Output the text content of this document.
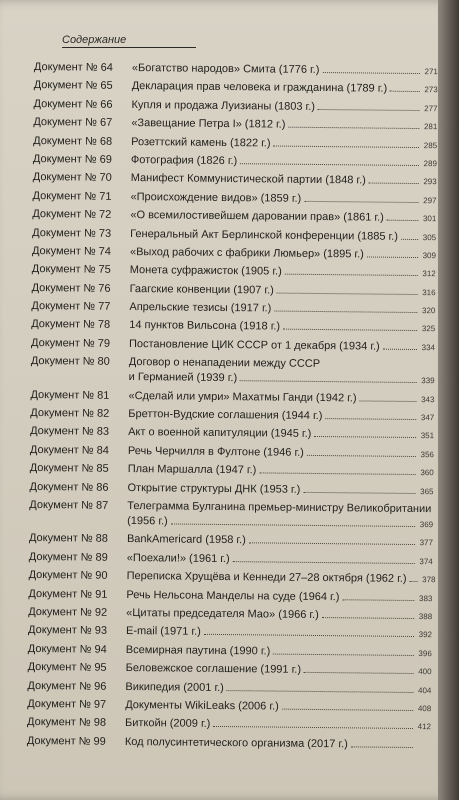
Содержание
Документ № 64	«Богатство народов» Смита (1776 г.)	271
Документ № 65	Декларация прав человека и гражданина (1789 г.)	273
Документ № 66	Купля и продажа Луизианы (1803 г.)	277
Документ № 67	«Завещание Петра I» (1812 г.)	281
Документ № 68	Розеттский камень (1822 г.)	285
Документ № 69	Фотография (1826 г.)	289
Документ № 70	Манифест Коммунистической партии (1848 г.)	293
Документ № 71	«Происхождение видов» (1859 г.)	297
Документ № 72	«О всемилостивейшем даровании прав» (1861 г.)	301
Документ № 73	Генеральный Акт Берлинской конференции (1885 г.)	305
Документ № 74	«Выход рабочих с фабрики Люмьер» (1895 г.)	309
Документ № 75	Монета суфражисток (1905 г.)	312
Документ № 76	Гаагские конвенции (1907 г.)	316
Документ № 77	Апрельские тезисы (1917 г.)	320
Документ № 78	14 пунктов Вильсона (1918 г.)	325
Документ № 79	Постановление ЦИК СССР от 1 декабря (1934 г.)	334
Документ № 80	Договор о ненападении между СССР
и Германией (1939 г.)	339
Документ № 81	«Сделай или умри» Махатмы Ганди (1942 г.)	343
Документ № 82	Бреттон-Вудские соглашения (1944 г.)	347
Документ № 83	Акт о военной капитуляции (1945 г.)	351
Документ № 84	Речь Черчилля в Фултоне (1946 г.)	356
Документ № 85	План Маршалла (1947 г.)	360
Документ № 86	Открытие структуры ДНК (1953 г.)	365
Документ № 87	Телеграмма Булганина премьер-министру Великобритании
(1956 г.)	369
Документ № 88	BankAmericard (1958 г.)	377
Документ № 89	«Поехали!» (1961 г.)	374
Документ № 90	Переписка Хрущёва и Кеннеди 27–28 октября (1962 г.)	378
Документ № 91	Речь Нельсона Манделы на суде (1964 г.)	383
Документ № 92	«Цитаты председателя Мао» (1966 г.)	388
Документ № 93	E-mail (1971 г.)	392
Документ № 94	Всемирная паутина (1990 г.)	396
Документ № 95	Беловежское соглашение (1991 г.)	400
Документ № 96	Википедия (2001 г.)	404
Документ № 97	Документы WikiLeaks (2006 г.)	408
Документ № 98	Биткойн (2009 г.)	412
Документ № 99	Код полусинтетического организма (2017 г.)
